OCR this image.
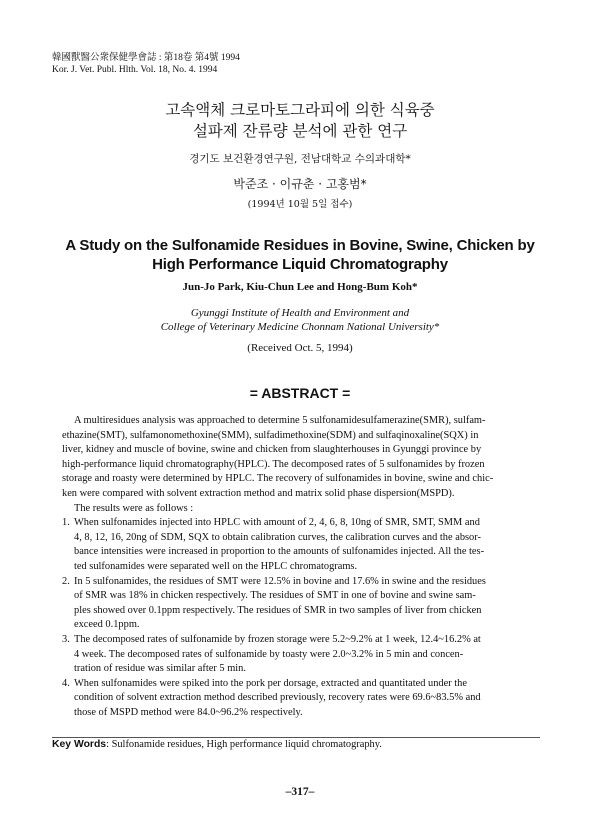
韓國獸醫公衆保健學會誌 : 第18卷 第4號 1994
Kor. J. Vet. Publ. Hlth. Vol. 18, No. 4. 1994
고속액체 크로마토그라피에 의한 식육중
설파제 잔류량 분석에 관한 연구
경기도 보건환경연구원, 전남대학교 수의과대학*
박준조 · 이규춘 · 고홍범*
(1994년 10월 5일 접수)
A Study on the Sulfonamide Residues in Bovine, Swine, Chicken by
High Performance Liquid Chromatography
Jun-Jo Park, Kiu-Chun Lee and Hong-Bum Koh*
Gyunggi Institute of Health and Environment and
College of Veterinary Medicine Chonnam National University*
(Received Oct. 5, 1994)
= ABSTRACT =

A multiresidues analysis was approached to determine 5 sulfonamidesulfamerazine(SMR), sulfam-
ethazine(SMT), sulfamonomethoxine(SMM), sulfadimethoxine(SDM) and sulfaqinoxaline(SQX) in
liver, kidney and muscle of bovine, swine and chicken from slaughterhouses in Gyunggi province by
high-performance liquid chromatography(HPLC). The decomposed rates of 5 sulfonamides by frozen
storage and roasty were determined by HPLC. The recovery of sulfonamides in bovine, swine and chic-
ken were compared with solvent extraction method and matrix solid phase dispersion(MSPD).

The results were as follows :

1. When sulfonamides injected into HPLC with amount of 2, 4, 6, 8, 10ng of SMR, SMT, SMM and
4, 8, 12, 16, 20ng of SDM, SQX to obtain calibration curves, the calibration curves and the absor-
bance intensities were increased in proportion to the amounts of sulfonamides injected. All the tes-
ted sulfonamides were separated well on the HPLC chromatograms.
2. In 5 sulfonamides, the residues of SMT were 12.5% in bovine and 17.6% in swine and the residues
of SMR was 18% in chicken respectively. The residues of SMT in one of bovine and swine sam-
ples showed over 0.1ppm respectively. The residues of SMR in two samples of liver from chicken
exceed 0.1ppm.
3. The decomposed rates of sulfonamide by frozen storage were 5.2~9.2% at 1 week, 12.4~16.2% at
4 week. The decomposed rates of sulfonamide by toasty were 2.0~3.2% in 5 min and concen-
tration of residue was similar after 5 min.
4. When sulfonamides were spiked into the pork per dorsage, extracted and quantitated under the
condition of solvent extraction method described previously, recovery rates were 69.6~83.5% and
those of MSPD method were 84.0~96.2% respectively.
Key Words: Sulfonamide residues, High performance liquid chromatography.
–317–
